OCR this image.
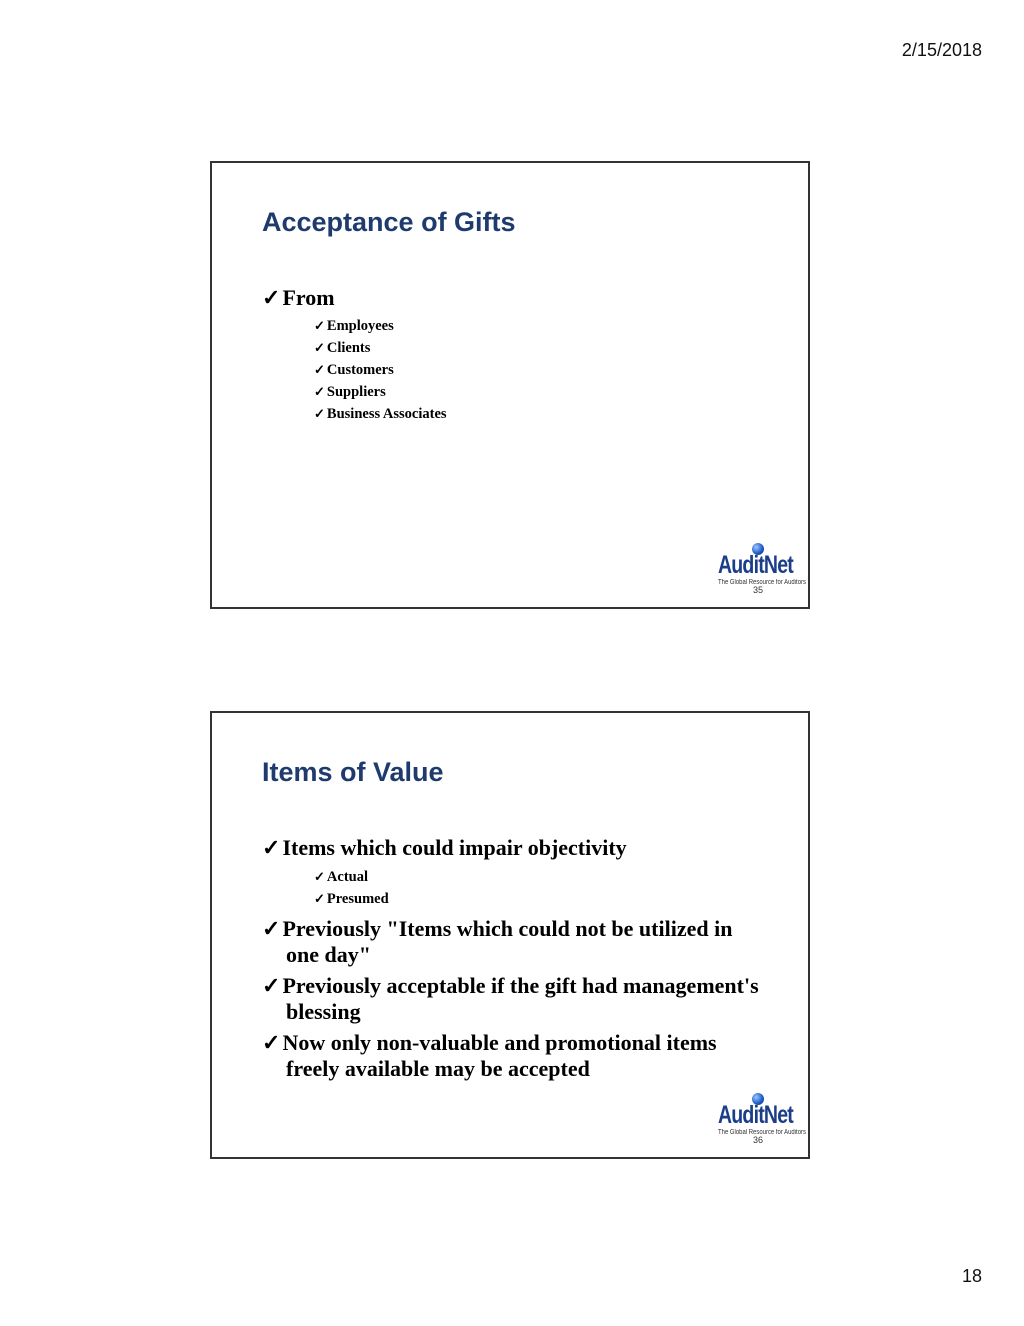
2/15/2018
Acceptance of Gifts

✓From

✓ Employees

✓ Clients

✓ Customers

✓ Suppliers

✓ Business Associates

AuditNet
The Global Resource for Auditors
35
Items of Value

✓Items which could impair objectivity

✓ Actual

✓ Presumed

✓Previously "Items which could not be utilized in one day"

✓Previously acceptable if the gift had management's blessing

✓Now only non-valuable and promotional items freely available may be accepted

AuditNet
The Global Resource for Auditors
36
18
